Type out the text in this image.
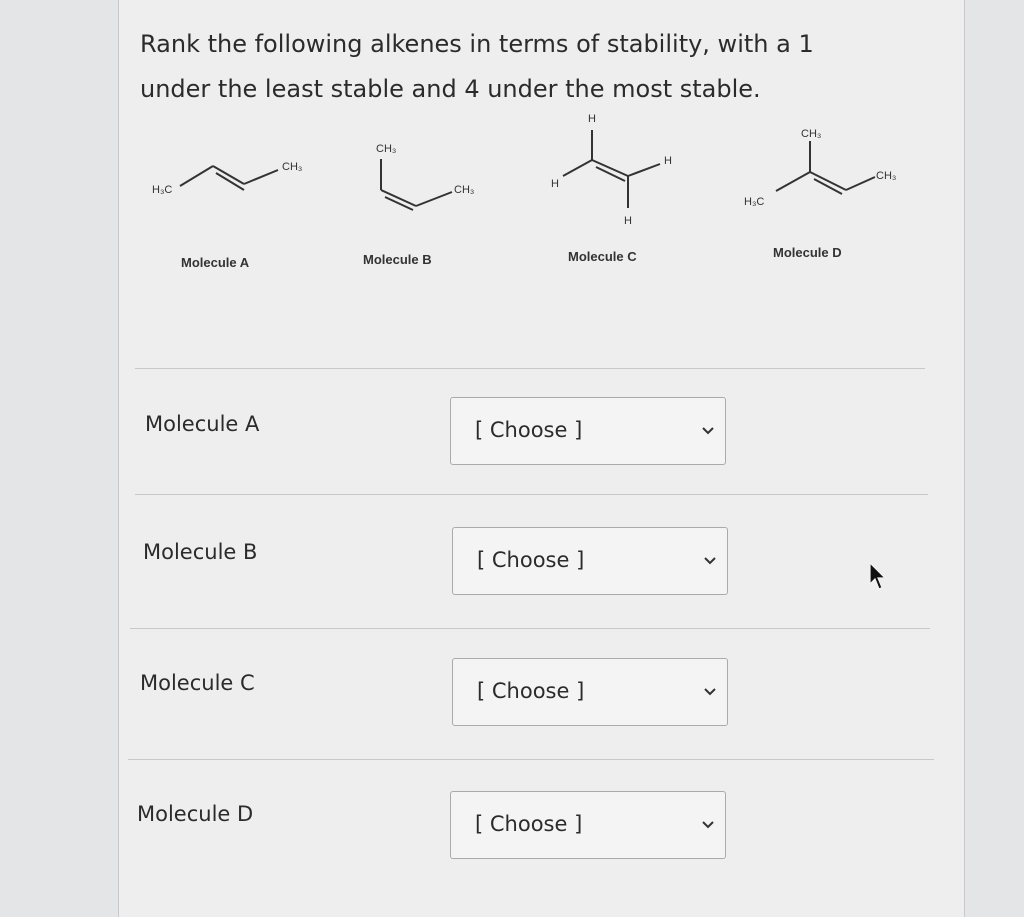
Rank the following alkenes in terms of stability, with a 1

under the least stable and 4 under the most stable.

H₃C
CH₃
CH₃
CH₃
H
H
H
H
CH₃
CH₃
H₃C
Molecule A	Molecule B	Molecule C	Molecule D
Molecule A	[ Choose ]
Molecule B	[ Choose ]
Molecule C	[ Choose ]
Molecule D	[ Choose ]
